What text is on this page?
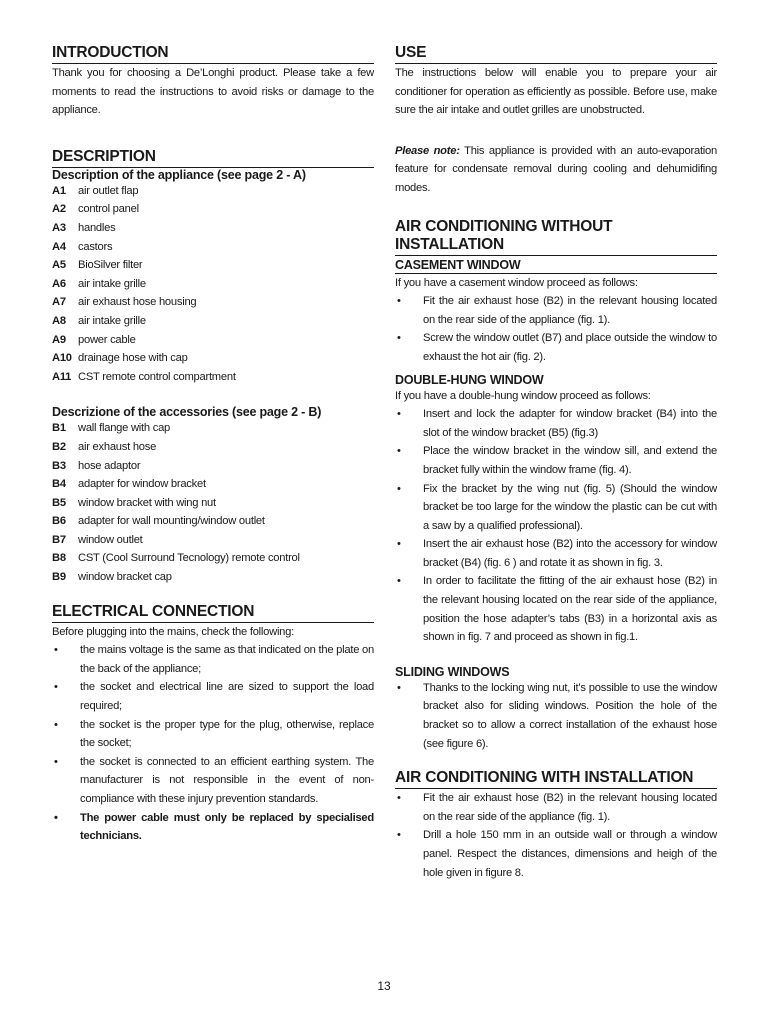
INTRODUCTION

Thank you for choosing a De’Longhi product. Please take a few moments to read the instructions to avoid risks or damage to the appliance.

DESCRIPTION
Description of the appliance (see page 2 - A)
A1	air outlet flap
A2	control panel
A3	handles
A4	castors
A5	BioSilver filter
A6	air intake grille
A7	air exhaust hose housing
A8	air intake grille
A9	power cable
A10 drainage hose with cap
A11 CST remote control compartment
Descrizione of the accessories (see page 2 - B)
B1	wall flange with cap
B2	air exhaust hose
B3	hose adaptor
B4	adapter for window bracket
B5	window bracket with wing nut
B6	adapter for wall mounting/window outlet
B7	window outlet
B8	CST (Cool Surround Tecnology) remote control
B9	window bracket cap
ELECTRICAL CONNECTION

Before plugging into the mains, check the following:

•	the mains voltage is the same as that indicated on the plate on the back of the appliance;
•	the socket and electrical line are sized to support the load required;
•	the socket is the proper type for the plug, otherwise, replace the socket;
•	the socket is connected to an efficient earthing system. The manufacturer is not responsible in the event of non-compliance with these injury prevention standards.
•	The power cable must only be replaced by specialised technicians.
USE

The instructions below will enable you to prepare your air conditioner for operation as efficiently as possible. Before use, make sure the air intake and outlet grilles are unobstructed.

Please note: This appliance is provided with an auto-evaporation feature for condensate removal during cooling and dehumidifing modes.

AIR CONDITIONING WITHOUT INSTALLATION
CASEMENT WINDOW

If you have a casement window proceed as follows:

•	Fit the air exhaust hose (B2) in the relevant housing located on the rear side of the appliance (fig. 1).
•	Screw the window outlet (B7) and place outside the window to exhaust the hot air (fig. 2).
DOUBLE-HUNG WINDOW

If you have a double-hung window proceed as follows:

•	Insert and lock the adapter for window bracket (B4) into the slot of the window bracket (B5) (fig.3)
•	Place the window bracket in the window sill, and extend the bracket fully within the window frame (fig. 4).
•	Fix the bracket by the wing nut (fig. 5) (Should the window bracket be too large for the window the plastic can be cut with a saw by a qualified professional).
•	Insert the air exhaust hose (B2) into the accessory for window bracket (B4) (fig. 6 ) and rotate it as shown in fig. 3.
•	In order to facilitate the fitting of the air exhaust hose (B2) in the relevant housing located on the rear side of the appliance, position the hose adapter’s tabs (B3) in a horizontal axis as shown in fig. 7 and proceed as shown in fig.1.
SLIDING WINDOWS
•	Thanks to the locking wing nut, it’s possible to use the window bracket also for sliding windows. Position the hole of the bracket so to allow a correct installation of the exhaust hose (see figure 6).
AIR CONDITIONING WITH INSTALLATION
•	Fit the air exhaust hose (B2) in the relevant housing located on the rear side of the appliance (fig. 1).
•	Drill a hole 150 mm in an outside wall or through a window panel. Respect the distances, dimensions and heigh of the hole given in figure 8.
13
